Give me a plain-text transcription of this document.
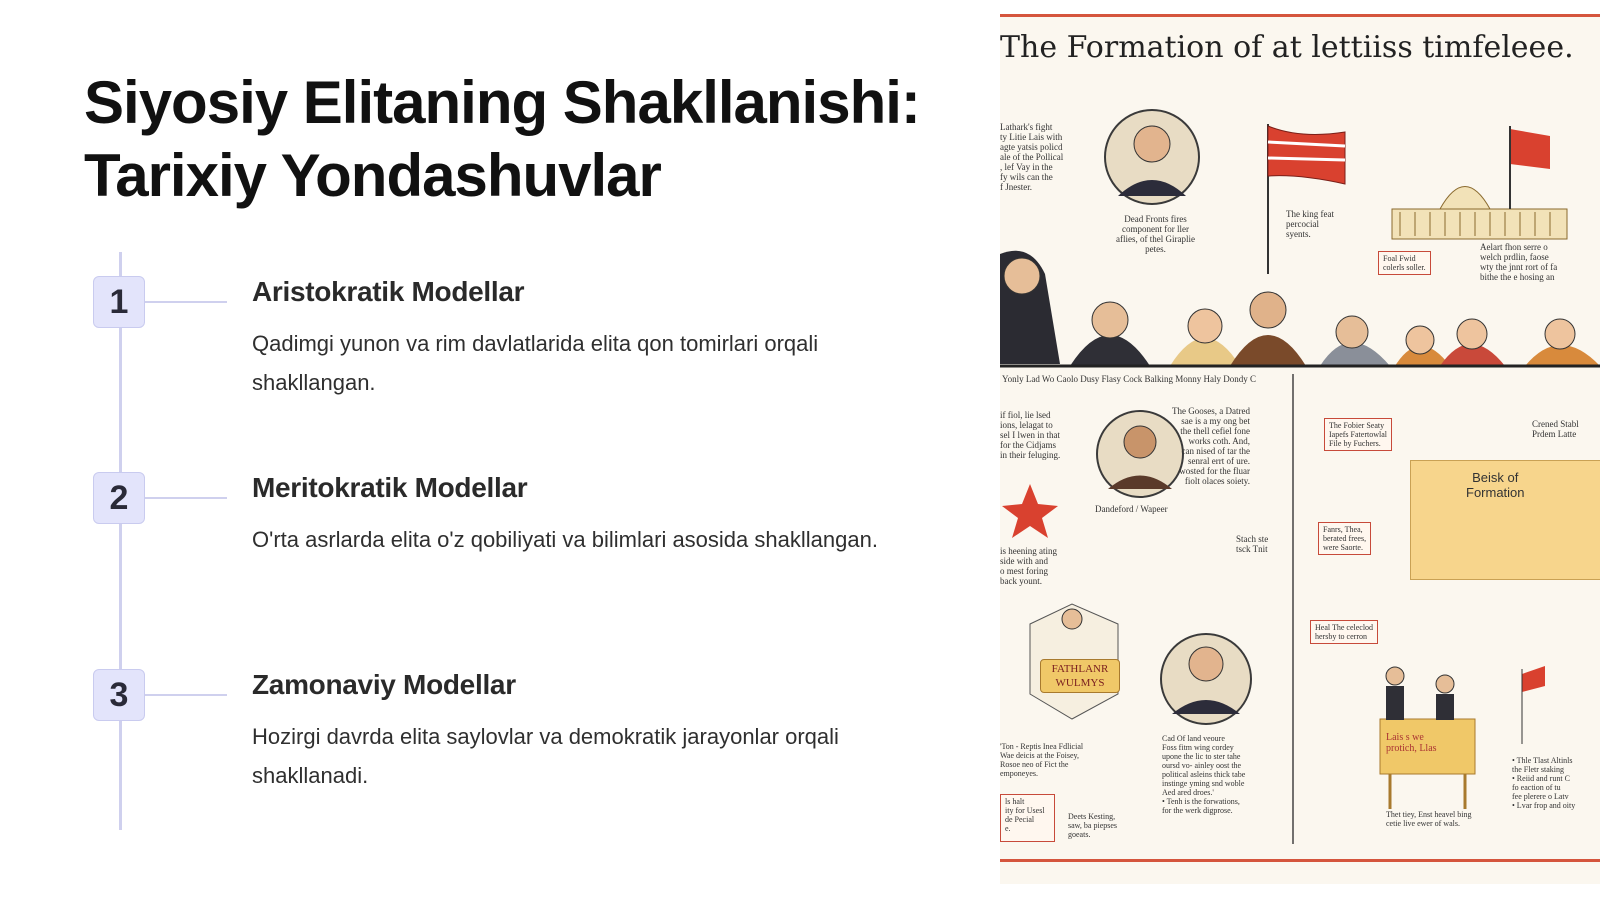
Siyosiy Elitaning Shakllanishi:
Tarixiy Yondashuvlar
1	Aristokratik Modellar
Qadimgi yunon va rim davlatlarida elita qon tomirlari orqali shakllangan.
2	Meritokratik Modellar
O'rta asrlarda elita o'z qobiliyati va bilimlari asosida shakllangan.
3	Zamonaviy Modellar
Hozirgi davrda elita saylovlar va demokratik jarayonlar orqali shakllanadi.
The Formation of at lettiiss timfeleee.
Beisk of
Formation
FATHLANR
WULMYS
Lais s we
protich, Llas
Lathark's fight
ty Litie Lais with
agte yatsis policd
ale of the Pollical
, lef Vay in the
fy wils can the
f Jnester.
Dead Fronts fires
component for ller
aflies, of thel Giraplie
petes.
The king feat
percocial
syents.
Aelart fhon serre o
welch prdlin, faose
wty the jnnt rort of fa
bithe the e hosing an
Yonly Lad Wo Caolo Dusy Flasy Cock Balking Monny Haly Dondy C
Dandeford / Wapeer
if fiol, lie lsed
ions, lelagat to
sel I lwen in that
for the Cidjams
in their feluging.
The Gooses, a Datred
sae is a my ong bet
the thell cefiel fone
works coth. And,
can nised of tar the
senral errt of ure.
wosted for the fluar
fiolt olaces soiety.
is heening ating
side with and
o mest foring
back yount.
Stach ste
tsck Tnit
Cad Of land veoure
Foss fitm wing cordey
upone the lic to ster tahe
oursd vo- ainley oost the
political asleins thick tabe
instinge yming snd woble
Aed ared droes.'
• Tenh is the forwations,
for the werk digprose.
'Ton - Reptis Inea Fdlicial
Wae deicis at the Foisey,
Rosoe neo of Fict the
emponeyes.
ls halt
ity for Usesl
de Pecial
e.
Deets Kesting,
saw, ba piepses
goeats.
Thet tiey, Enst heavel bing
cetie live ewer of wals.
• Thle Tlast Altinls
the Fletr staking
• Reiid and runt C
fo eaction of tu
fee plerere o Latv
• Lvar frop and oity
Crened Stabl
Prdem Latte
Foal Fwid
colerls soller.
The Fobier Seaty
Iapefs Fatertowlal
File by Fuchers.
Fanrs, Thea,
berated frees,
were Saorte.
Heal The celeclod
hersby to cerron
